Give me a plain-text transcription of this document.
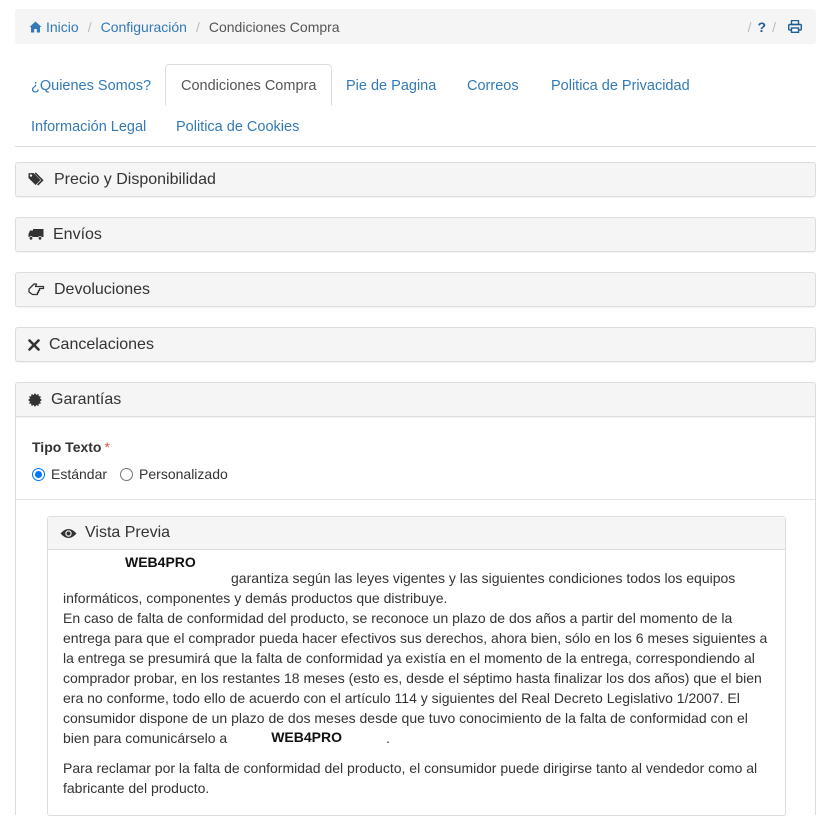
Inicio / Configuración / Condiciones Compra	/ ? /
¿Quienes Somos?	Condiciones Compra	Pie de Pagina Correos Politica de Privacidad
Información Legal Politica de Cookies
Precio y Disponibilidad
Envíos
Devoluciones
Cancelaciones
Garantías
Tipo Texto *
Estándar Personalizado
Vista Previa
WEB4PRO

garantiza según las leyes vigentes y las siguientes condiciones todos los equipos informáticos, componentes y demás productos que distribuye.
En caso de falta de conformidad del producto, se reconoce un plazo de dos años a partir del momento de la entrega para que el comprador pueda hacer efectivos sus derechos, ahora bien, sólo en los 6 meses siguientes a la entrega se presumirá que la falta de conformidad ya existía en el momento de la entrega, correspondiendo al comprador probar, en los restantes 18 meses (esto es, desde el séptimo hasta finalizar los dos años) que el bien era no conforme, todo ello de acuerdo con el artículo 114 y siguientes del Real Decreto Legislativo 1/2007. El consumidor dispone de un plazo de dos meses desde que tuvo conocimiento de la falta de conformidad con el bien para comunicárselo a	WEB4PRO	.

Para reclamar por la falta de conformidad del producto, el consumidor puede dirigirse tanto al vendedor como al fabricante del producto.
